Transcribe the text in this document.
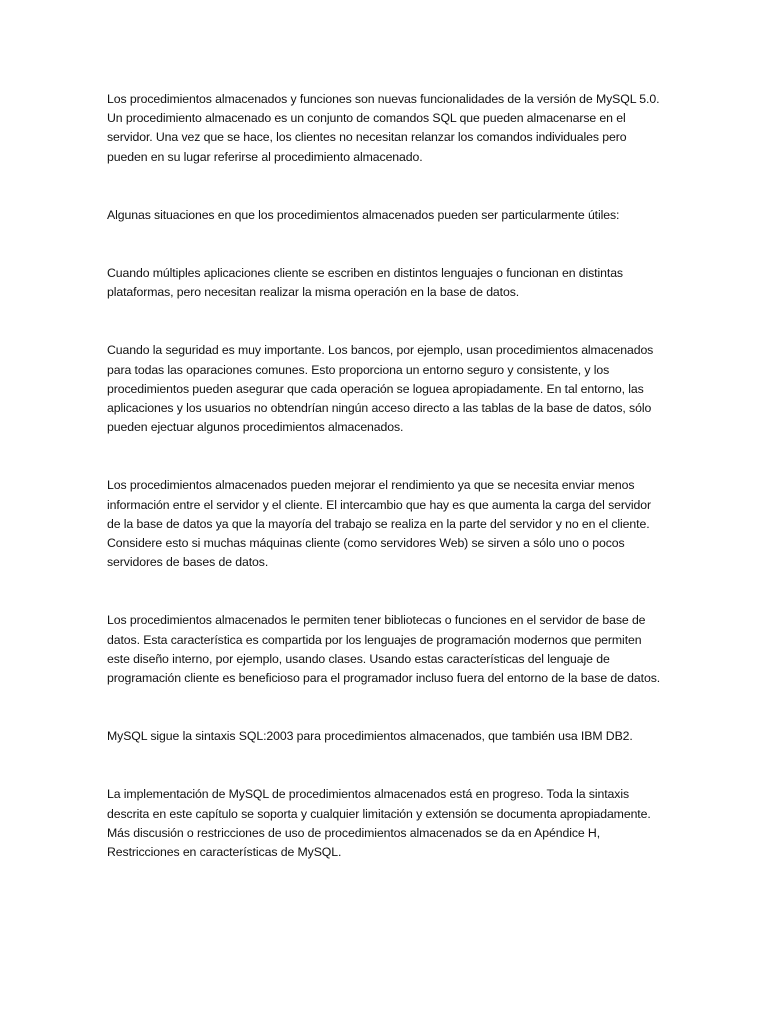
Los procedimientos almacenados y funciones son nuevas funcionalidades de la versión de MySQL 5.0. Un procedimiento almacenado es un conjunto de comandos SQL que pueden almacenarse en el servidor. Una vez que se hace, los clientes no necesitan relanzar los comandos individuales pero pueden en su lugar referirse al procedimiento almacenado.

Algunas situaciones en que los procedimientos almacenados pueden ser particularmente útiles:

Cuando múltiples aplicaciones cliente se escriben en distintos lenguajes o funcionan en distintas plataformas, pero necesitan realizar la misma operación en la base de datos.

Cuando la seguridad es muy importante. Los bancos, por ejemplo, usan procedimientos almacenados para todas las oparaciones comunes. Esto proporciona un entorno seguro y consistente, y los procedimientos pueden asegurar que cada operación se loguea apropiadamente. En tal entorno, las aplicaciones y los usuarios no obtendrían ningún acceso directo a las tablas de la base de datos, sólo pueden ejectuar algunos procedimientos almacenados.

Los procedimientos almacenados pueden mejorar el rendimiento ya que se necesita enviar menos información entre el servidor y el cliente. El intercambio que hay es que aumenta la carga del servidor de la base de datos ya que la mayoría del trabajo se realiza en la parte del servidor y no en el cliente. Considere esto si muchas máquinas cliente (como servidores Web) se sirven a sólo uno o pocos servidores de bases de datos.

Los procedimientos almacenados le permiten tener bibliotecas o funciones en el servidor de base de datos. Esta característica es compartida por los lenguajes de programación modernos que permiten este diseño interno, por ejemplo, usando clases. Usando estas características del lenguaje de programación cliente es beneficioso para el programador incluso fuera del entorno de la base de datos.

MySQL sigue la sintaxis SQL:2003 para procedimientos almacenados, que también usa IBM DB2.

La implementación de MySQL de procedimientos almacenados está en progreso. Toda la sintaxis descrita en este capítulo se soporta y cualquier limitación y extensión se documenta apropiadamente. Más discusión o restricciones de uso de procedimientos almacenados se da en Apéndice H, Restricciones en características de MySQL.
